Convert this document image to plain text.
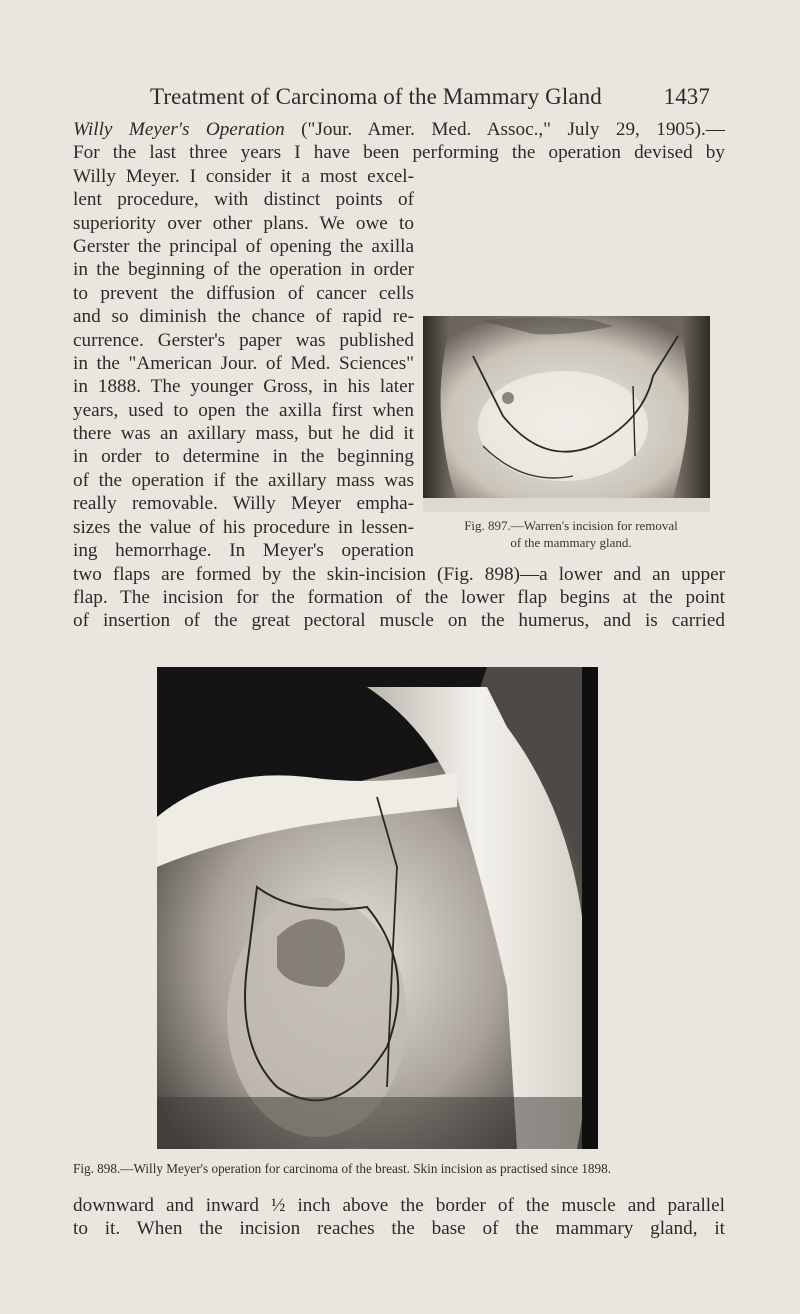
Treatment of Carcinoma of the Mammary Gland	1437
Willy Meyer's Operation ("Jour. Amer. Med. Assoc.," July 29, 1905).—
For the last three years I have been performing the operation devised by
Willy Meyer. I consider it a most excel-
lent procedure, with distinct points of
superiority over other plans. We owe to
Gerster the principal of opening the axilla
in the beginning of the operation in order
to prevent the diffusion of cancer cells
and so diminish the chance of rapid re-
currence. Gerster's paper was published
in the "American Jour. of Med. Sciences"
in 1888. The younger Gross, in his later
years, used to open the axilla first when
there was an axillary mass, but he did it
in order to determine in the beginning
of the operation if the axillary mass was
really removable. Willy Meyer empha-
sizes the value of his procedure in lessen-
ing hemorrhage. In Meyer's operation
Fig. 897.—Warren's incision for removal
of the mammary gland.
two flaps are formed by the skin-incision (Fig. 898)—a lower and an upper
flap. The incision for the formation of the lower flap begins at the point
of insertion of the great pectoral muscle on the humerus, and is carried
Fig. 898.—Willy Meyer's operation for carcinoma of the breast. Skin incision as practised since 1898.
downward and inward ½ inch above the border of the muscle and parallel
to it. When the incision reaches the base of the mammary gland, it
